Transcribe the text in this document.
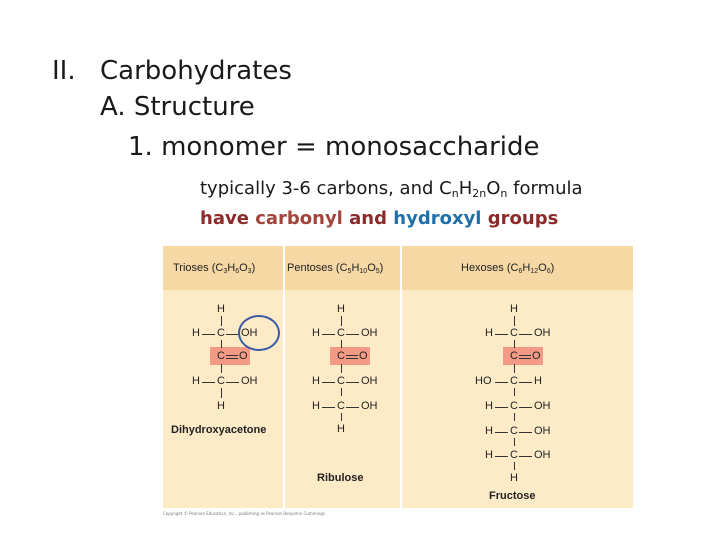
II. Carbohydrates
A. Structure
1. monomer = monosaccharide
typically 3-6 carbons, and $C_nH_{2n}O_n$ formula
have carbonyl and hydroxyl groups
Trioses $(C_3H_6O_3)$	Pentoses $(C_5H_{10}O_5)$	Hexoses $(C_6H_{12}O_6)$
H
H C OH
C O
H C OH
H
Dihydroxyacetone
H
H C OH
C O
H C OH
H C OH
H
Ribulose
H
H C OH
C O
HO C H
H C OH
H C OH
H C OH
H
Fructose
Copyright © Pearson Education, Inc., publishing as Pearson Benjamin Cummings
